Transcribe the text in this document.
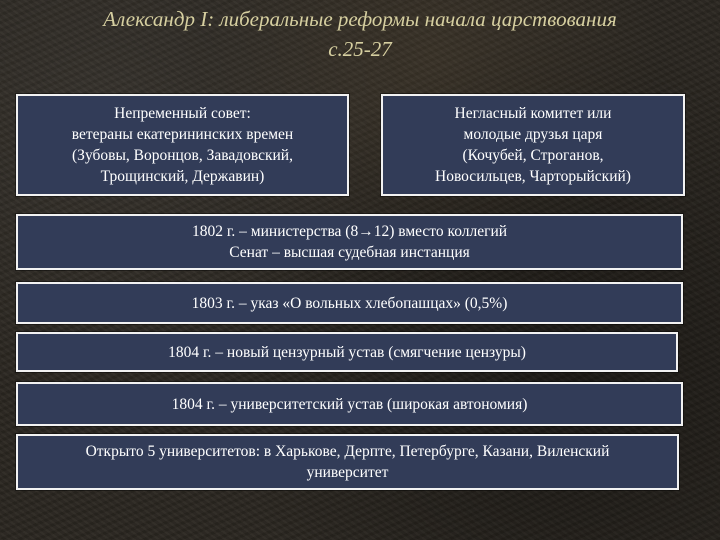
Александр I: либеральные реформы начала царствования
с.25-27
Непременный совет:
ветераны екатерининских времен
(Зубовы, Воронцов, Завадовский,
Трощинский, Державин)
Негласный комитет или
молодые друзья царя
(Кочубей, Строганов,
Новосильцев, Чарторыйский)
1802 г. – министерства (8→12) вместо коллегий
Сенат – высшая судебная инстанция
1803 г. – указ «О вольных хлебопашцах» (0,5%)
1804 г. – новый цензурный устав (смягчение цензуры)
1804 г. – университетский устав (широкая автономия)
Открыто 5 университетов: в Харькове, Дерпте, Петербурге, Казани, Виленский
университет
